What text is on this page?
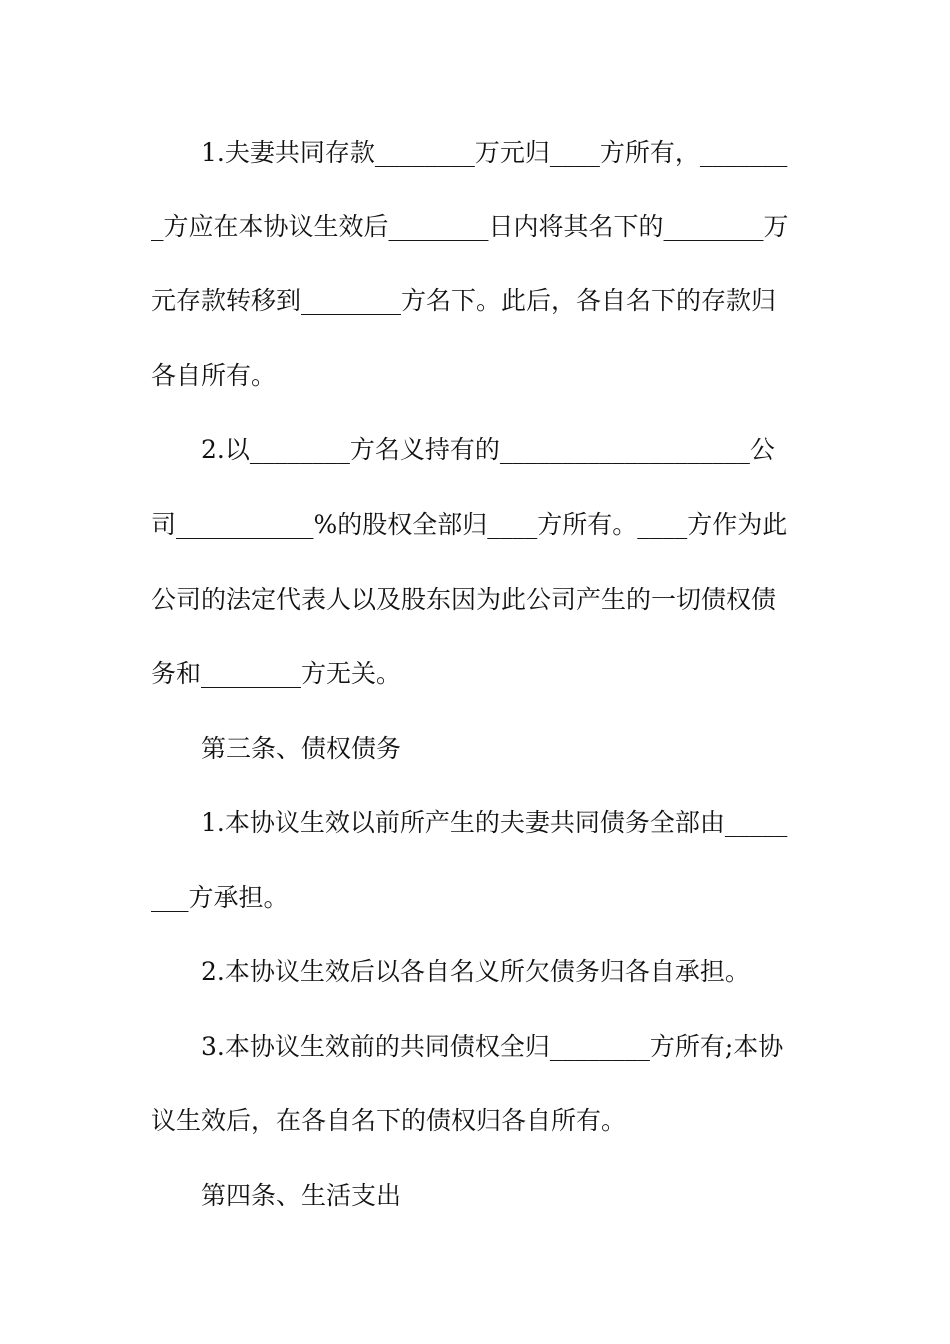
1.夫妻共同存款________万元归____方所有，_______
_方应在本协议生效后________日内将其名下的________万
元存款转移到________方名下。此后，各自名下的存款归
各自所有。
2.以________方名义持有的____________________公
司___________%的股权全部归____方所有。____方作为此
公司的法定代表人以及股东因为此公司产生的一切债权债
务和________方无关。
第三条、债权债务
1.本协议生效以前所产生的夫妻共同债务全部由_____
___方承担。
2.本协议生效后以各自名义所欠债务归各自承担。
3.本协议生效前的共同债权全归________方所有;本协
议生效后，在各自名下的债权归各自所有。
第四条、生活支出
